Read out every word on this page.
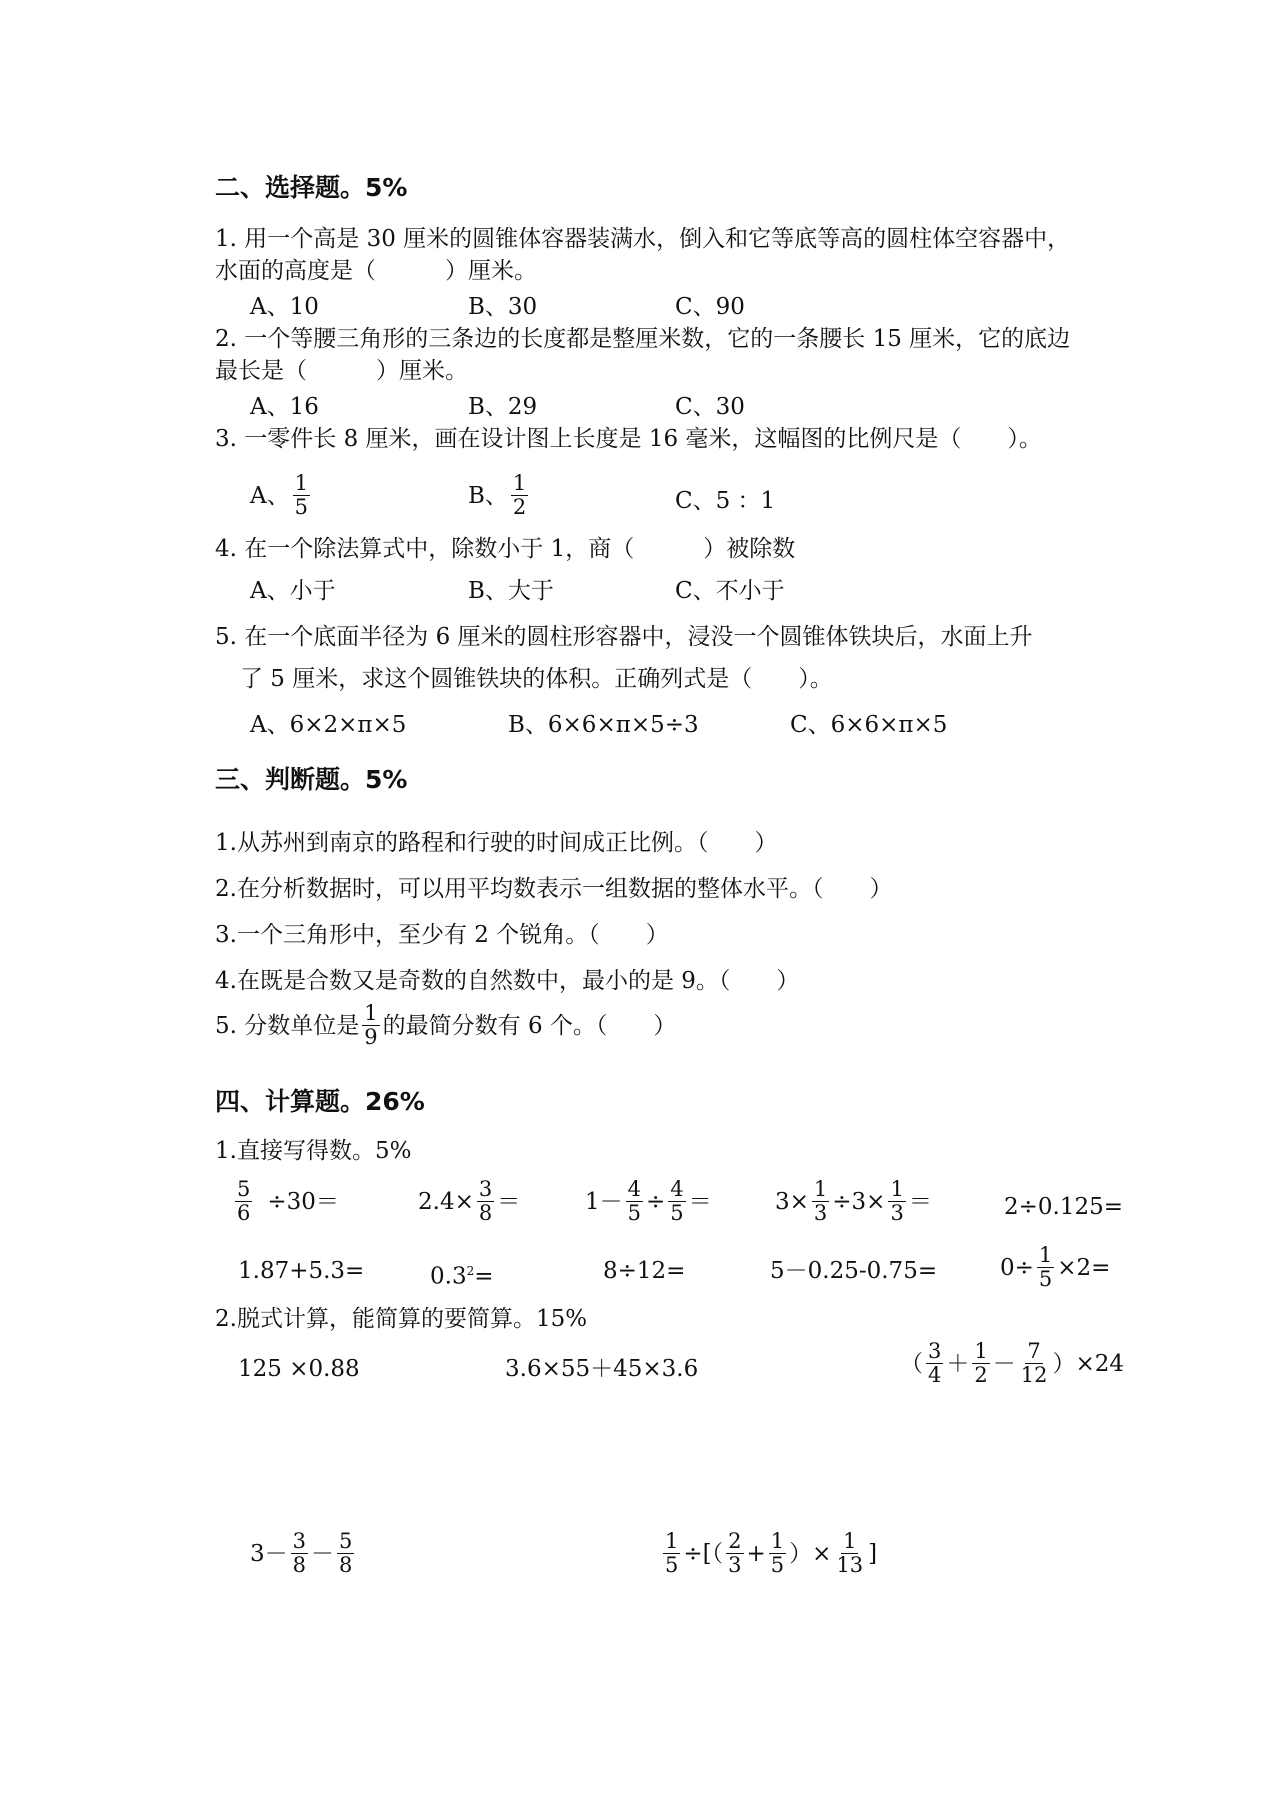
二、选择题。5%
1. 用一个高是 30 厘米的圆锥体容器装满水，倒入和它等底等高的圆柱体空容器中，
水面的高度是（　　　）厘米。
A、10	B、30	C、90
2. 一个等腰三角形的三条边的长度都是整厘米数，它的一条腰长 15 厘米，它的底边
最长是（　　　）厘米。
A、16	B、29	C、30
3. 一零件长 8 厘米，画在设计图上长度是 16 毫米，这幅图的比例尺是（　　）。
A、 $\frac{1}{5}$	B、 $\frac{1}{2}$	C、5 ：1
4. 在一个除法算式中，除数小于 1，商（　　　）被除数
A、小于	B、大于	C、不小于
5. 在一个底面半径为 6 厘米的圆柱形容器中，浸没一个圆锥体铁块后，水面上升
了 5 厘米，求这个圆锥铁块的体积。正确列式是（　　）。
A、6×2×π×5	B、6×6×π×5÷3	C、6×6×π×5
三、判断题。5%
1.从苏州到南京的路程和行驶的时间成正比例。（　　）
2.在分析数据时，可以用平均数表示一组数据的整体水平。（　　）
3.一个三角形中，至少有 2 个锐角。（　　）
4.在既是合数又是奇数的自然数中，最小的是 9。（　　）
5. 分数单位是 $\frac{1}{9}$ 的最简分数有 6 个。（　　）
四、计算题。26%
1.直接写得数。5%
$\frac{5}{6} \div 30=$	$2.4\times \frac{3}{8}$ ＝	$1- \frac{4}{5} \div \frac{4}{5}$ ＝	$3\times \frac{1}{3} \div 3\times \frac{1}{3}$ ＝	2÷0.125=
1.87+5.3=	$0.3^2=$	8÷12=	5－0.25-0.75=	$0\div \frac{1}{5} \times 2=$
2.脱式计算，能简算的要简算。15%
125 ×0.88	3.6×55＋45×3.6	（ $\frac{3}{4} + \frac{1}{2} - \frac{7}{12} )\times 24$
$3- \frac{3}{8} - \frac{5}{8}$	$\frac{1}{5}$ ÷[（ $\frac{2}{3} + \frac{1}{5}$ ）× $\frac{1}{13}$ ]
